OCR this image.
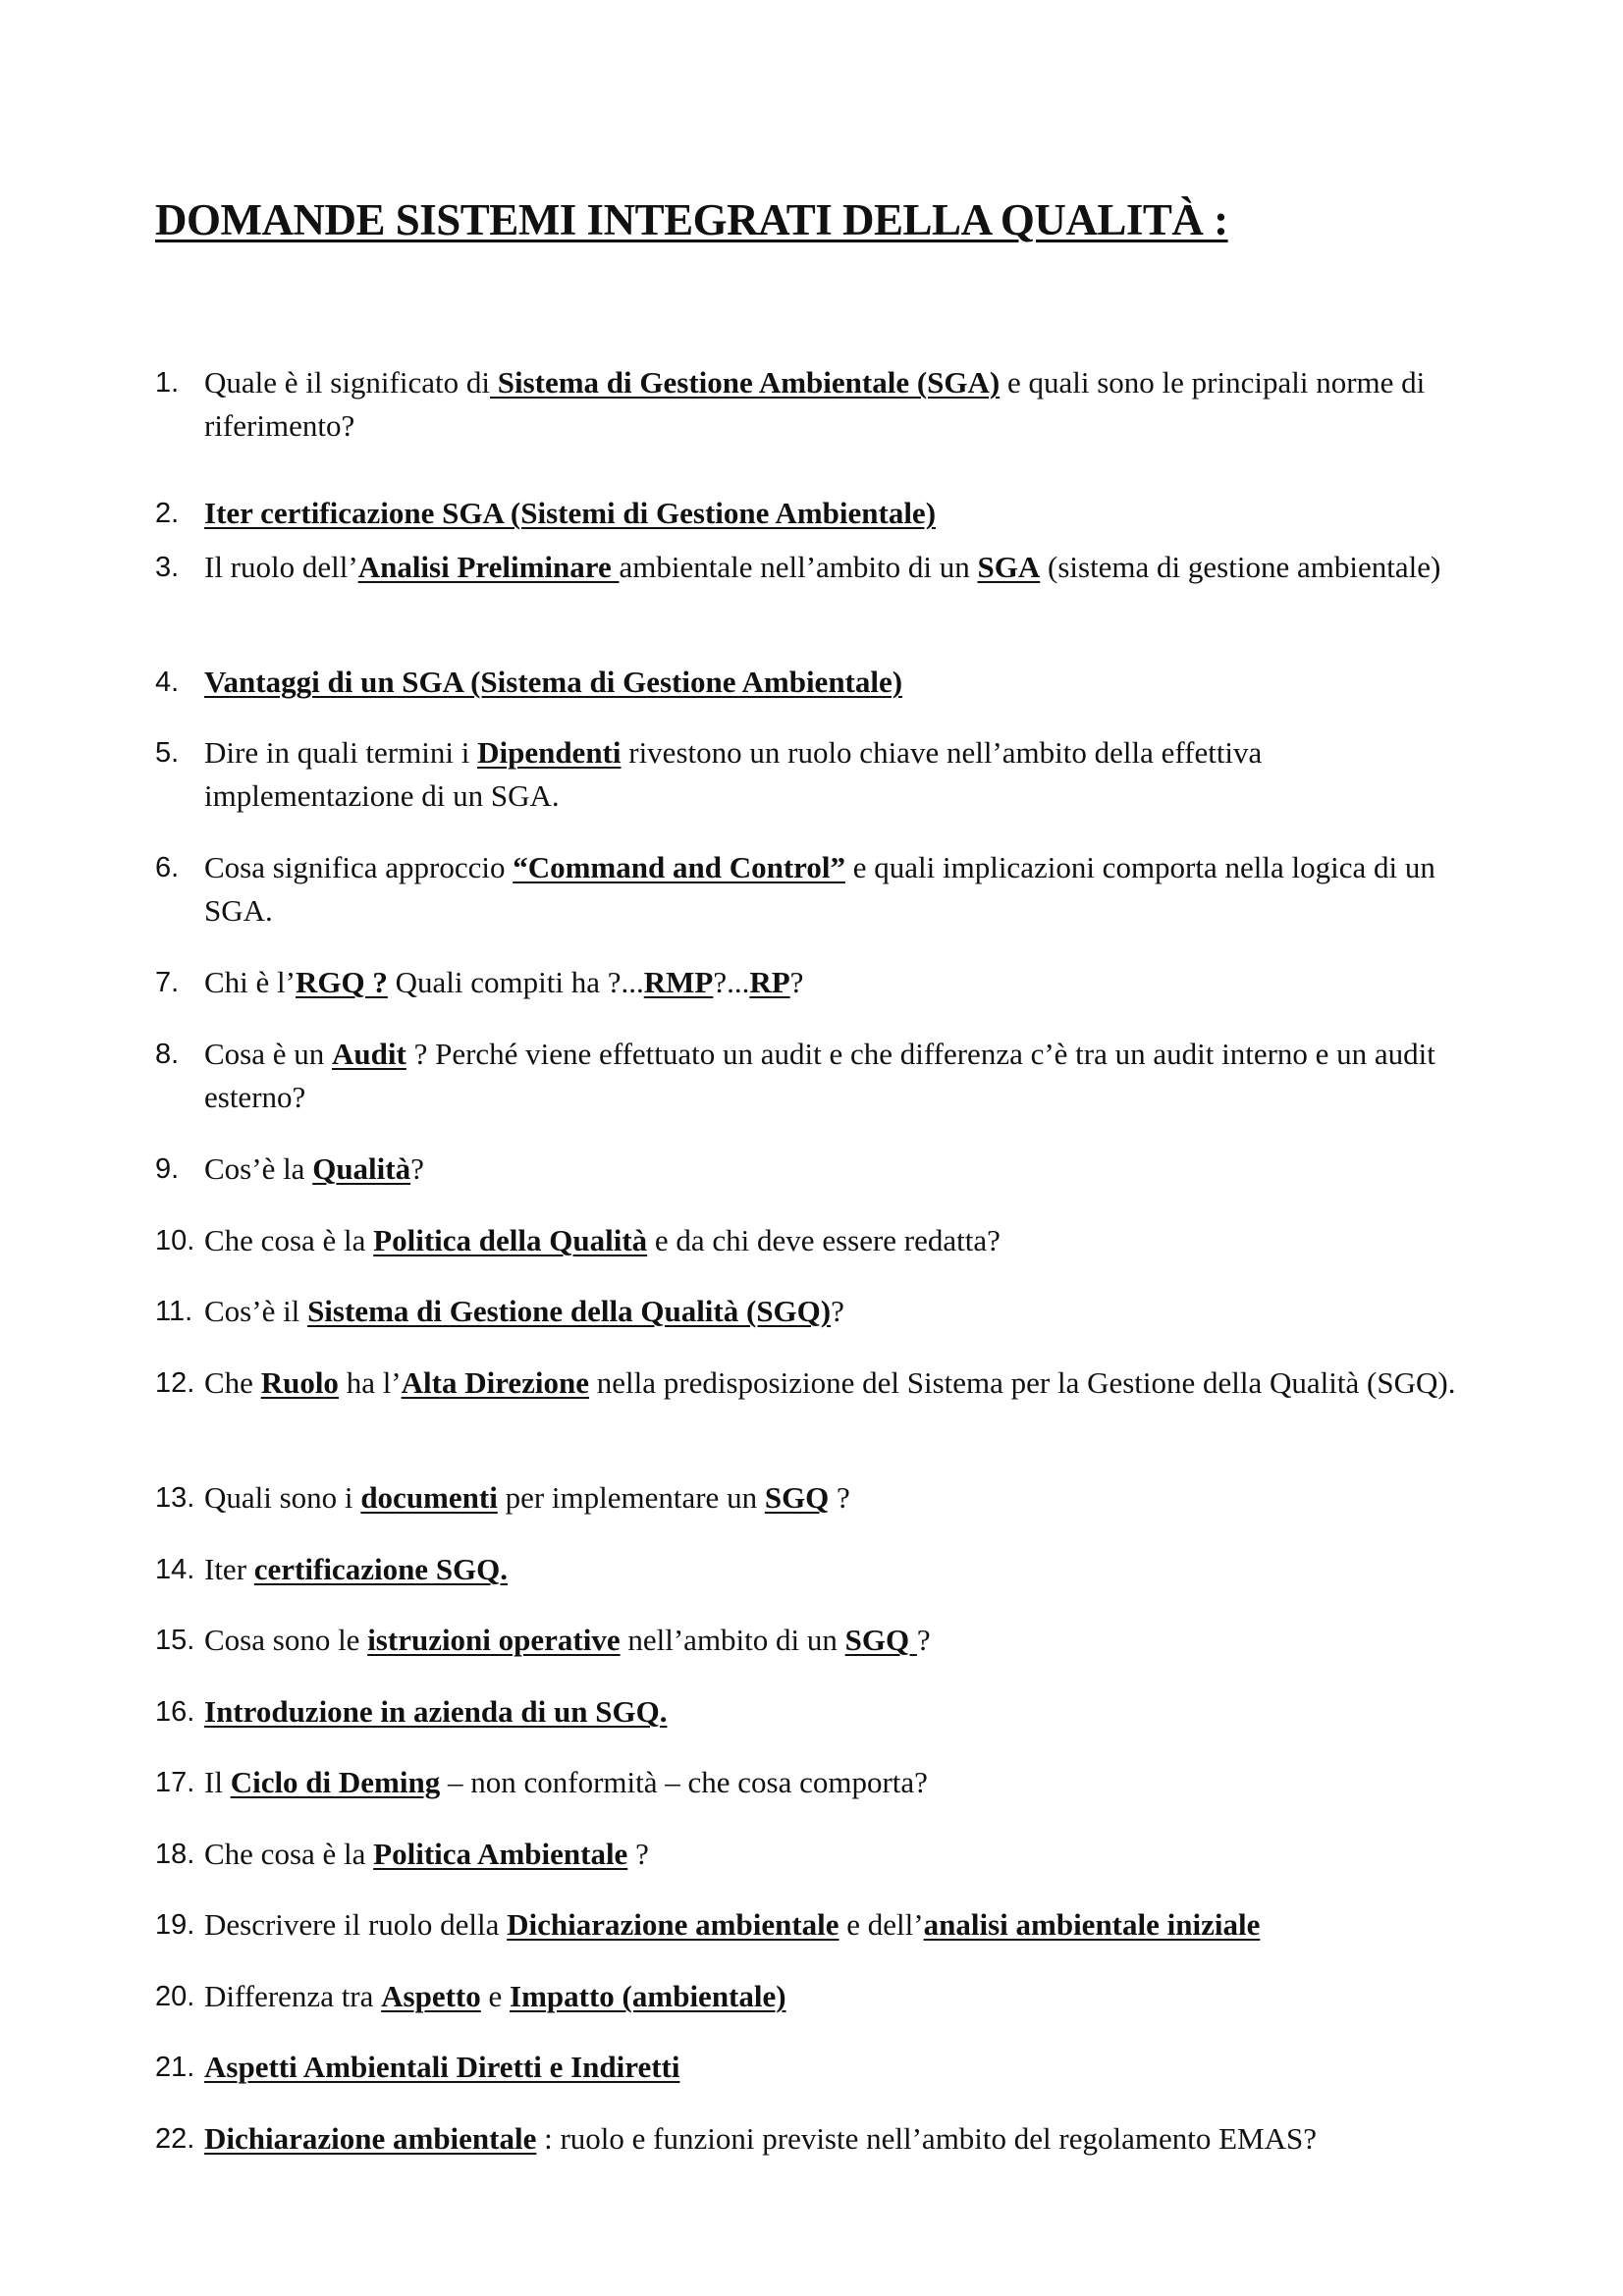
DOMANDE SISTEMI INTEGRATI DELLA QUALITÀ :
1. Quale è il significato di Sistema di Gestione Ambientale (SGA) e quali sono le principali norme di riferimento?
2. Iter certificazione SGA (Sistemi di Gestione Ambientale)
3. Il ruolo dell’Analisi Preliminare ambientale nell’ambito di un SGA (sistema di gestione ambientale)
4. Vantaggi di un SGA (Sistema di Gestione Ambientale)
5. Dire in quali termini i Dipendenti rivestono un ruolo chiave nell’ambito della effettiva implementazione di un SGA.
6. Cosa significa approccio “Command and Control” e quali implicazioni comporta nella logica di un SGA.
7. Chi è l’RGQ ? Quali compiti ha ?...RMP?...RP?
8. Cosa è un Audit ? Perché viene effettuato un audit e che differenza c’è tra un audit interno e un audit esterno?
9. Cos’è la Qualità?
10. Che cosa è la Politica della Qualità e da chi deve essere redatta?
11. Cos’è il Sistema di Gestione della Qualità (SGQ)?
12. Che Ruolo ha l’Alta Direzione nella predisposizione del Sistema per la Gestione della Qualità (SGQ).
13. Quali sono i documenti per implementare un SGQ ?
14. Iter certificazione SGQ.
15. Cosa sono le istruzioni operative nell’ambito di un SGQ ?
16. Introduzione in azienda di un SGQ.
17. Il Ciclo di Deming – non conformità – che cosa comporta?
18. Che cosa è la Politica Ambientale ?
19. Descrivere il ruolo della Dichiarazione ambientale e dell’analisi ambientale iniziale
20. Differenza tra Aspetto e Impatto (ambientale)
21. Aspetti Ambientali Diretti e Indiretti
22. Dichiarazione ambientale : ruolo e funzioni previste nell’ambito del regolamento EMAS?
